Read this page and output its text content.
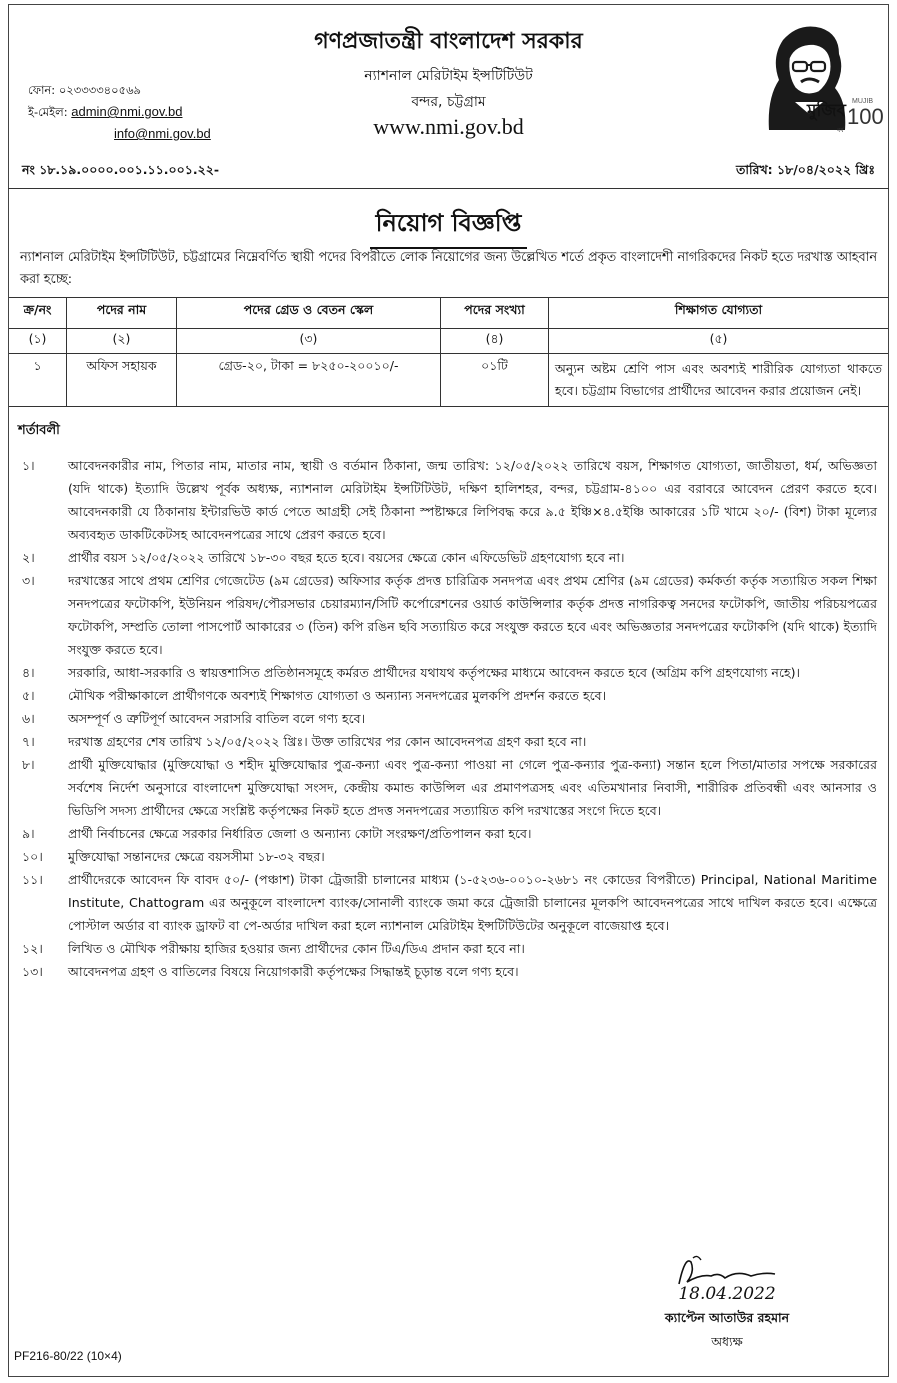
গণপ্রজাতন্ত্রী বাংলাদেশ সরকার
ন্যাশনাল মেরিটাইম ইন্সটিটিউট
বন্দর, চট্টগ্রাম
www.nmi.gov.bd
ফোন: ০২৩৩৩৩৪০৫৬৯
ই-মেইল: admin@nmi.gov.bd
info@nmi.gov.bd
মুজিব MUJIB
100
বর্ষ
নং ১৮.১৯.০০০০.০০১.১১.০০১.২২-	তারিখ: ১৮/০৪/২০২২ খ্রিঃ
নিয়োগ বিজ্ঞপ্তি
ন্যাশনাল মেরিটাইম ইন্সটিটিউট, চট্টগ্রামের নিম্নেবর্ণিত স্থায়ী পদের বিপরীতে লোক নিয়োগের জন্য উল্লেখিত শর্তে প্রকৃত বাংলাদেশী নাগরিকদের নিকট হতে দরখাস্ত আহবান করা হচ্ছে:
ক্র/নং	পদের নাম	পদের গ্রেড ও বেতন স্কেল	পদের সংখ্যা	শিক্ষাগত যোগ্যতা
(১)	(২)	(৩)	(৪)	(৫)
১	অফিস সহায়ক	গ্রেড-২০, টাকা = ৮২৫০-২০০১০/-	০১টি	অন্যুন অষ্টম শ্রেণি পাস এবং অবশ্যই শারীরিক যোগ্যতা থাকতে হবে। চট্টগ্রাম বিভাগের প্রার্থীদের আবেদন করার প্রয়োজন নেই।
শর্তাবলী
১।	আবেদনকারীর নাম, পিতার নাম, মাতার নাম, স্থায়ী ও বর্তমান ঠিকানা, জন্ম তারিখ: ১২/০৫/২০২২ তারিখে বয়স, শিক্ষাগত যোগ্যতা, জাতীয়তা, ধর্ম, অভিজ্ঞতা (যদি থাকে) ইত্যাদি উল্লেখ পূর্বক অধ্যক্ষ, ন্যাশনাল মেরিটাইম ইন্সটিটিউট, দক্ষিণ হালিশহর, বন্দর, চট্টগ্রাম-৪১০০ এর বরাবরে আবেদন প্রেরণ করতে হবে। আবেদনকারী যে ঠিকানায় ইন্টারভিউ কার্ড পেতে আগ্রহী সেই ঠিকানা স্পষ্টাক্ষরে লিপিবদ্ধ করে ৯.৫ ইঞ্চি×৪.৫ইঞ্চি আকারের ১টি খামে ২০/- (বিশ) টাকা মূল্যের অব্যবহৃত ডাকটিকেটসহ আবেদনপত্রের সাথে প্রেরণ করতে হবে।
২।	প্রার্থীর বয়স ১২/০৫/২০২২ তারিখে ১৮-৩০ বছর হতে হবে। বয়সের ক্ষেত্রে কোন এফিডেভিট গ্রহণযোগ্য হবে না।
৩।	দরখাস্তের সাথে প্রথম শ্রেণির গেজেটেড (৯ম গ্রেডের) অফিসার কর্তৃক প্রদত্ত চারিত্রিক সনদপত্র এবং প্রথম শ্রেণির (৯ম গ্রেডের) কর্মকর্তা কর্তৃক সত্যায়িত সকল শিক্ষা সনদপত্রের ফটোকপি, ইউনিয়ন পরিষদ/পৌরসভার চেয়ারম্যান/সিটি কর্পোরেশনের ওয়ার্ড কাউন্সিলার কর্তৃক প্রদত্ত নাগরিকত্ব সনদের ফটোকপি, জাতীয় পরিচয়পত্রের ফটোকপি, সম্প্রতি তোলা পাসপোর্ট আকারের ৩ (তিন) কপি রঙিন ছবি সত্যায়িত করে সংযুক্ত করতে হবে এবং অভিজ্ঞতার সনদপত্রের ফটোকপি (যদি থাকে) ইত্যাদি সংযুক্ত করতে হবে।
৪।	সরকারি, আধা-সরকারি ও স্বায়ত্তশাসিত প্রতিষ্ঠানসমূহে কর্মরত প্রার্থীদের যথাযথ কর্তৃপক্ষের মাধ্যমে আবেদন করতে হবে (অগ্রিম কপি গ্রহণযোগ্য নহে)।
৫।	মৌখিক পরীক্ষাকালে প্রার্থীগণকে অবশ্যই শিক্ষাগত যোগ্যতা ও অন্যান্য সনদপত্রের মুলকপি প্রদর্শন করতে হবে।
৬।	অসম্পূর্ণ ও ত্রুটিপূর্ণ আবেদন সরাসরি বাতিল বলে গণ্য হবে।
৭।	দরখাস্ত গ্রহণের শেষ তারিখ ১২/০৫/২০২২ খ্রিঃ। উক্ত তারিখের পর কোন আবেদনপত্র গ্রহণ করা হবে না।
৮।	প্রার্থী মুক্তিযোদ্ধার (মুক্তিযোদ্ধা ও শহীদ মুক্তিযোদ্ধার পুত্র-কন্যা এবং পুত্র-কন্যা পাওয়া না গেলে পুত্র-কন্যার পুত্র-কন্যা) সন্তান হলে পিতা/মাতার সপক্ষে সরকারের সর্বশেষ নির্দেশ অনুসারে বাংলাদেশ মুক্তিযোদ্ধা সংসদ, কেন্দ্রীয় কমান্ড কাউন্সিল এর প্রমাণপত্রসহ এবং এতিমখানার নিবাসী, শারীরিক প্রতিবন্ধী এবং আনসার ও ভিডিপি সদস্য প্রার্থীদের ক্ষেত্রে সংশ্লিষ্ট কর্তৃপক্ষের নিকট হতে প্রদত্ত সনদপত্রের সত্যায়িত কপি দরখাস্তের সংগে দিতে হবে।
৯।	প্রার্থী নির্বাচনের ক্ষেত্রে সরকার নির্ধারিত জেলা ও অন্যান্য কোটা সংরক্ষণ/প্রতিপালন করা হবে।
১০।	মুক্তিযোদ্ধা সন্তানদের ক্ষেত্রে বয়সসীমা ১৮-৩২ বছর।
১১।	প্রার্থীদেরকে আবেদন ফি বাবদ ৫০/- (পঞ্চাশ) টাকা ট্রেজারী চালানের মাধ্যম (১-৫২৩৬-০০১০-২৬৮১ নং কোডের বিপরীতে) Principal, National Maritime Institute, Chattogram এর অনুকূলে বাংলাদেশ ব্যাংক/সোনালী ব্যাংকে জমা করে ট্রেজারী চালানের মূলকপি আবেদনপত্রের সাথে দাখিল করতে হবে। এক্ষেত্রে পোস্টাল অর্ডার বা ব্যাংক ড্রাফট বা পে-অর্ডার দাখিল করা হলে ন্যাশনাল মেরিটাইম ইন্সটিটিউটের অনুকূলে বাজেয়াপ্ত হবে।
১২।	লিখিত ও মৌখিক পরীক্ষায় হাজির হওয়ার জন্য প্রার্থীদের কোন টিএ/ডিএ প্রদান করা হবে না।
১৩।	আবেদনপত্র গ্রহণ ও বাতিলের বিষয়ে নিয়োগকারী কর্তৃপক্ষের সিদ্ধান্তই চূড়ান্ত বলে গণ্য হবে।
18.04.2022
ক্যাপ্টেন আতাউর রহমান
অধ্যক্ষ
PF216-80/22 (10×4)
